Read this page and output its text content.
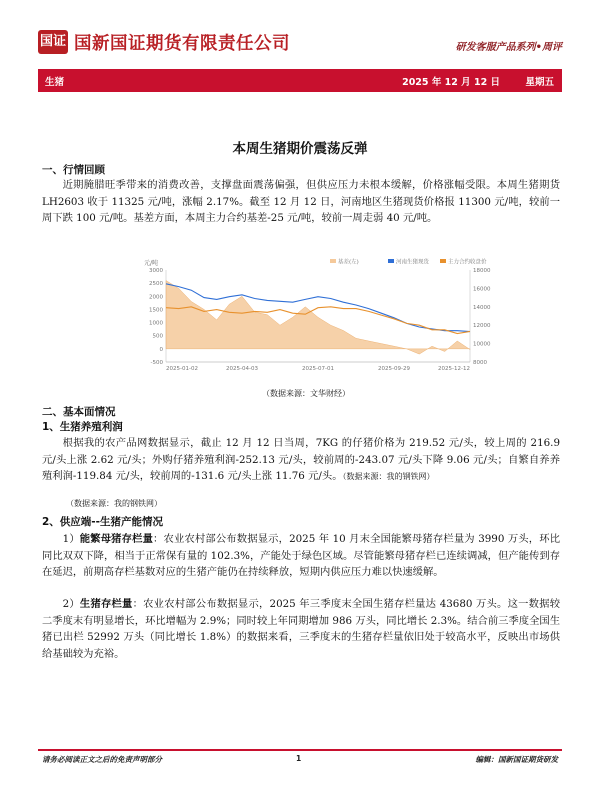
国证 国新国证期货有限责任公司	研发客服产品系列•周评
生猪	2025 年 12 月 12 日	星期五
本周生猪期价震荡反弹
一、行情回顾
近期腌腊旺季带来的消费改善，支撑盘面震荡偏强，但供应压力未根本缓解，价格涨幅受限。本周生猪期货 LH2603 收于 11325 元/吨，涨幅 2.17%。截至 12 月 12 日，河南地区生猪现货价格报 11300 元/吨，较前一周下跌 100 元/吨。基差方面，本周主力合约基差-25 元/吨，较前一周走弱 40 元/吨。
元/吨	基差(左)	河南生猪现货	主力合约收盘价
3000
2500
2000
1500
1000
500
0
-500
18000
16000
14000
12000
10000
8000
2025-01-02	2025-04-03	2025-07-01	2025-09-29	2025-12-12
（数据来源：文华财经）
二、基本面情况
1、生猪养殖利润
根据我的农产品网数据显示，截止 12 月 12 日当周，7KG 的仔猪价格为 219.52 元/头，较上周的 216.9 元/头上涨 2.62 元/头；外购仔猪养殖利润-252.13 元/头，较前周的-243.07 元/头下降 9.06 元/头；自繁自养养殖利润-119.84 元/头，较前周的-131.6 元/头上涨 11.76 元/头。（数据来源：我的钢铁网）
（数据来源：我的钢铁网）
2、供应端--生猪产能情况
1）能繁母猪存栏量：农业农村部公布数据显示，2025 年 10 月末全国能繁母猪存栏量为 3990 万头，环比同比双双下降，相当于正常保有量的 102.3%，产能处于绿色区域。尽管能繁母猪存栏已连续调减，但产能传到存在延迟，前期高存栏基数对应的生猪产能仍在持续释放，短期内供应压力难以快速缓解。
2）生猪存栏量：农业农村部公布数据显示，2025 年三季度末全国生猪存栏量达 43680 万头。这一数据较二季度末有明显增长，环比增幅为 2.9%；同时较上年同期增加 986 万头，同比增长 2.3%。结合前三季度全国生猪已出栏 52992 万头（同比增长 1.8%）的数据来看，三季度末的生猪存栏量依旧处于较高水平，反映出市场供给基础较为充裕。
请务必阅读正文之后的免责声明部分	1	编辑：国新国证期货研发
